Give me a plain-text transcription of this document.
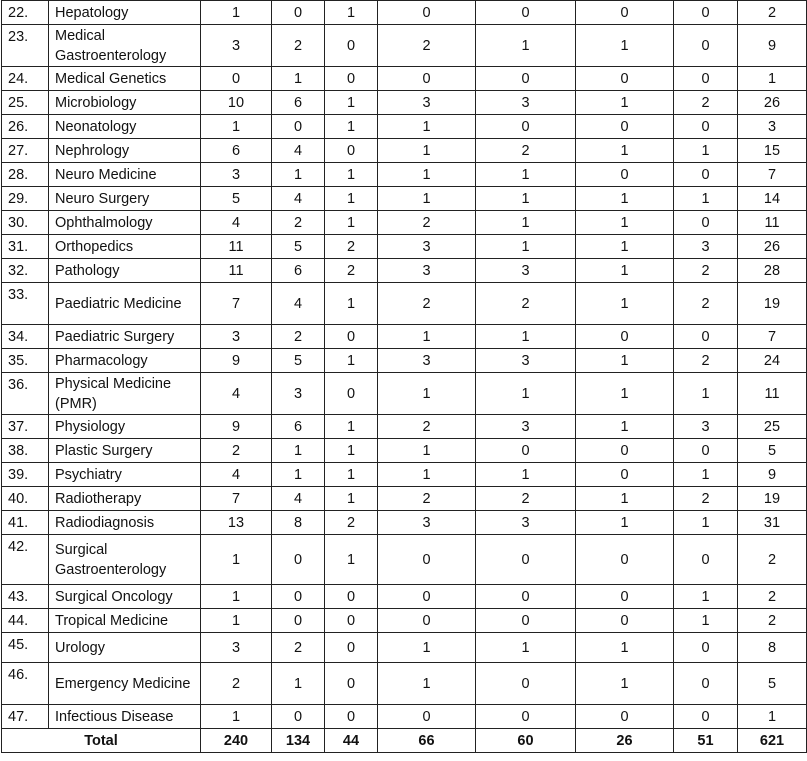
22.	Hepatology	1	0	1	0	0	0	0	2
23.	Medical Gastroenterology	3	2	0	2	1	1	0	9
24.	Medical Genetics	0	1	0	0	0	0	0	1
25.	Microbiology	10	6	1	3	3	1	2	26
26.	Neonatology	1	0	1	1	0	0	0	3
27.	Nephrology	6	4	0	1	2	1	1	15
28.	Neuro Medicine	3	1	1	1	1	0	0	7
29.	Neuro Surgery	5	4	1	1	1	1	1	14
30.	Ophthalmology	4	2	1	2	1	1	0	11
31.	Orthopedics	11	5	2	3	1	1	3	26
32.	Pathology	11	6	2	3	3	1	2	28
33.	Paediatric Medicine	7	4	1	2	2	1	2	19
34.	Paediatric Surgery	3	2	0	1	1	0	0	7
35.	Pharmacology	9	5	1	3	3	1	2	24
36.	Physical Medicine (PMR)	4	3	0	1	1	1	1	11
37.	Physiology	9	6	1	2	3	1	3	25
38.	Plastic Surgery	2	1	1	1	0	0	0	5
39.	Psychiatry	4	1	1	1	1	0	1	9
40.	Radiotherapy	7	4	1	2	2	1	2	19
41.	Radiodiagnosis	13	8	2	3	3	1	1	31
42.	Surgical Gastroenterology	1	0	1	0	0	0	0	2
43.	Surgical Oncology	1	0	0	0	0	0	1	2
44.	Tropical Medicine	1	0	0	0	0	0	1	2
45.	Urology	3	2	0	1	1	1	0	8
46.	Emergency Medicine	2	1	0	1	0	1	0	5
47.	Infectious Disease	1	0	0	0	0	0	0	1
Total		240	134	44	66	60	26	51	621
